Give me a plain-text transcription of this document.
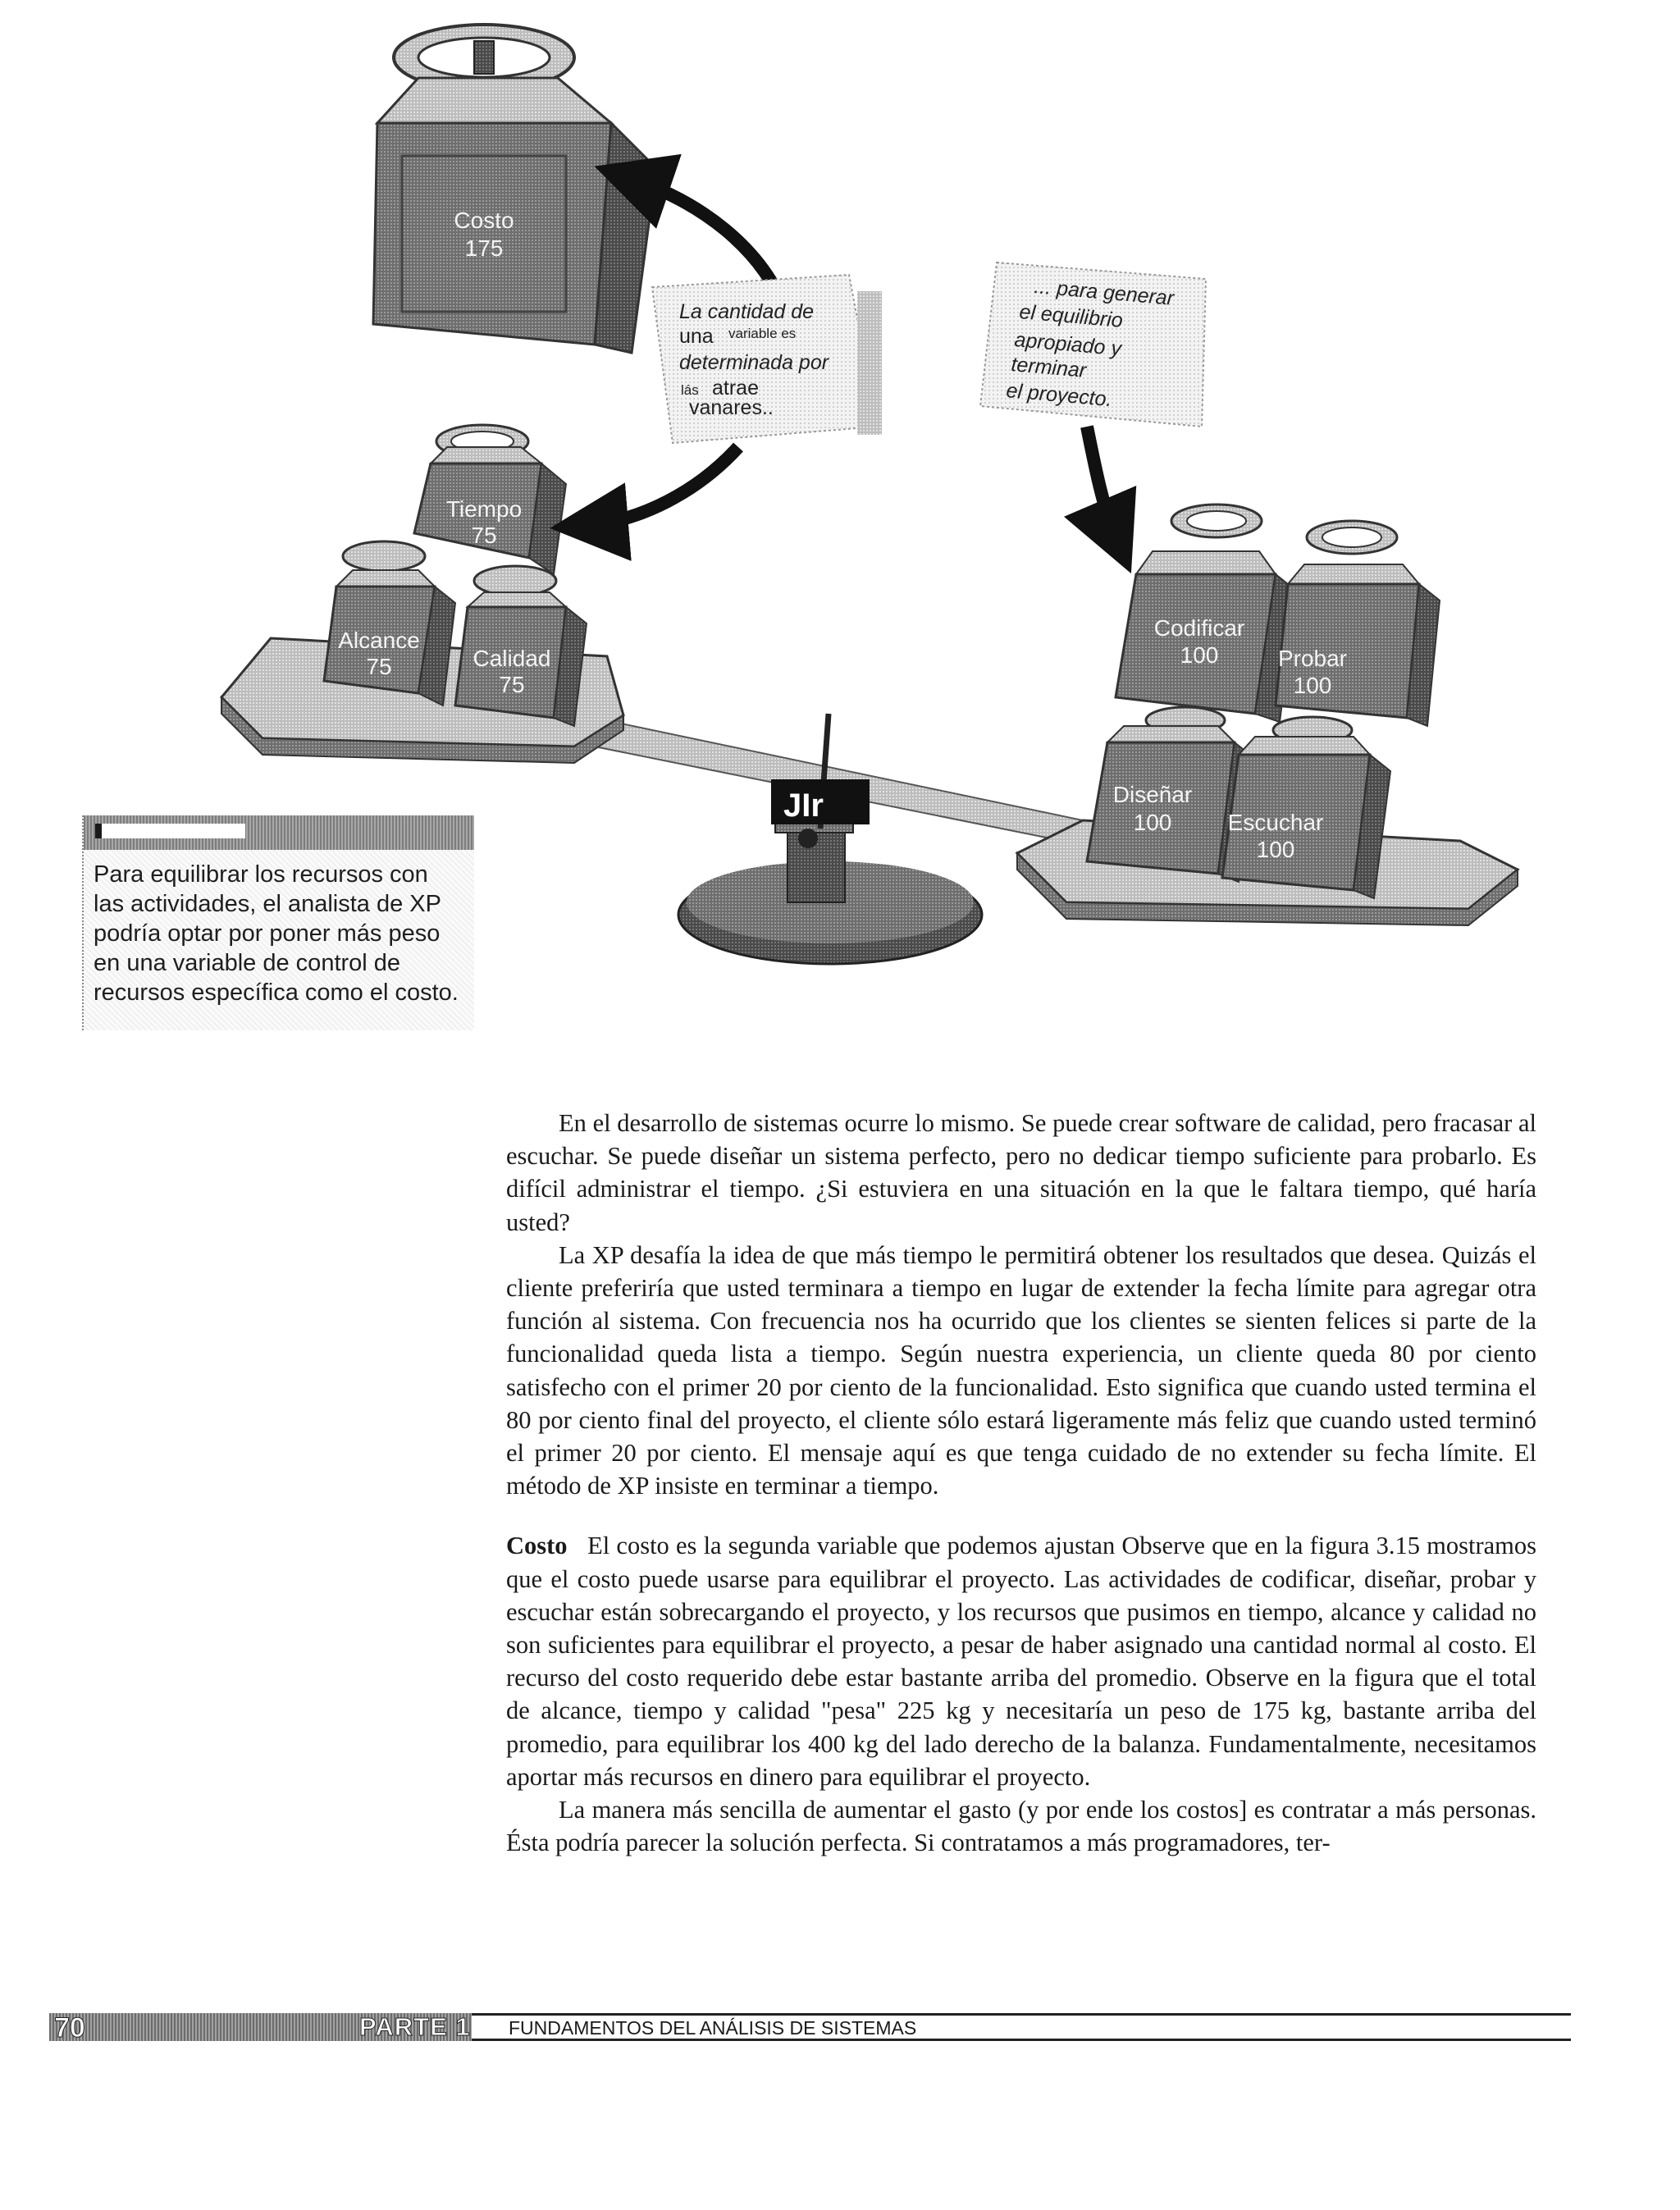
JIr
Costo
175
Tiempo
75
Alcance
75	Calidad
75
Codificar
100	Probar
100
Diseñar
100 Escuchar
100
La cantidad de
una variable es
determinada por
lás atrae
vanares..
... para generar
el equilibrio
apropiado y
terminar
el proyecto.
Para equilibrar los recursos con las actividades, el analista de XP podría optar por poner más peso en una variable de control de recursos específica como el costo.

En el desarrollo de sistemas ocurre lo mismo. Se puede crear software de calidad, pero fracasar al escuchar. Se puede diseñar un sistema perfecto, pero no dedicar tiempo suficiente para probarlo. Es difícil administrar el tiempo. ¿Si estuviera en una situación en la que le faltara tiempo, qué haría usted?

La XP desafía la idea de que más tiempo le permitirá obtener los resultados que desea. Quizás el cliente preferiría que usted terminara a tiempo en lugar de extender la fecha límite para agregar otra función al sistema. Con frecuencia nos ha ocurrido que los clientes se sienten felices si parte de la funcionalidad queda lista a tiempo. Según nuestra experiencia, un cliente queda 80 por ciento satisfecho con el primer 20 por ciento de la funcionalidad. Esto significa que cuando usted termina el 80 por ciento final del proyecto, el cliente sólo estará ligeramente más feliz que cuando usted terminó el primer 20 por ciento. El mensaje aquí es que tenga cuidado de no extender su fecha límite. El método de XP insiste en terminar a tiempo.

Costo El costo es la segunda variable que podemos ajustan Observe que en la figura 3.15 mostramos que el costo puede usarse para equilibrar el proyecto. Las actividades de codificar, diseñar, probar y escuchar están sobrecargando el proyecto, y los recursos que pusimos en tiempo, alcance y calidad no son suficientes para equilibrar el proyecto, a pesar de haber asignado una cantidad normal al costo. El recurso del costo requerido debe estar bastante arriba del promedio. Observe en la figura que el total de alcance, tiempo y calidad "pesa" 225 kg y necesitaría un peso de 175 kg, bastante arriba del promedio, para equilibrar los 400 kg del lado derecho de la balanza. Fundamentalmente, necesitamos aportar más recursos en dinero para equilibrar el proyecto.

La manera más sencilla de aumentar el gasto (y por ende los costos] es contratar a más personas. Ésta podría parecer la solución perfecta. Si contratamos a más programadores, ter-

70	PARTE 1 FUNDAMENTOS DEL ANÁLISIS DE SISTEMAS
